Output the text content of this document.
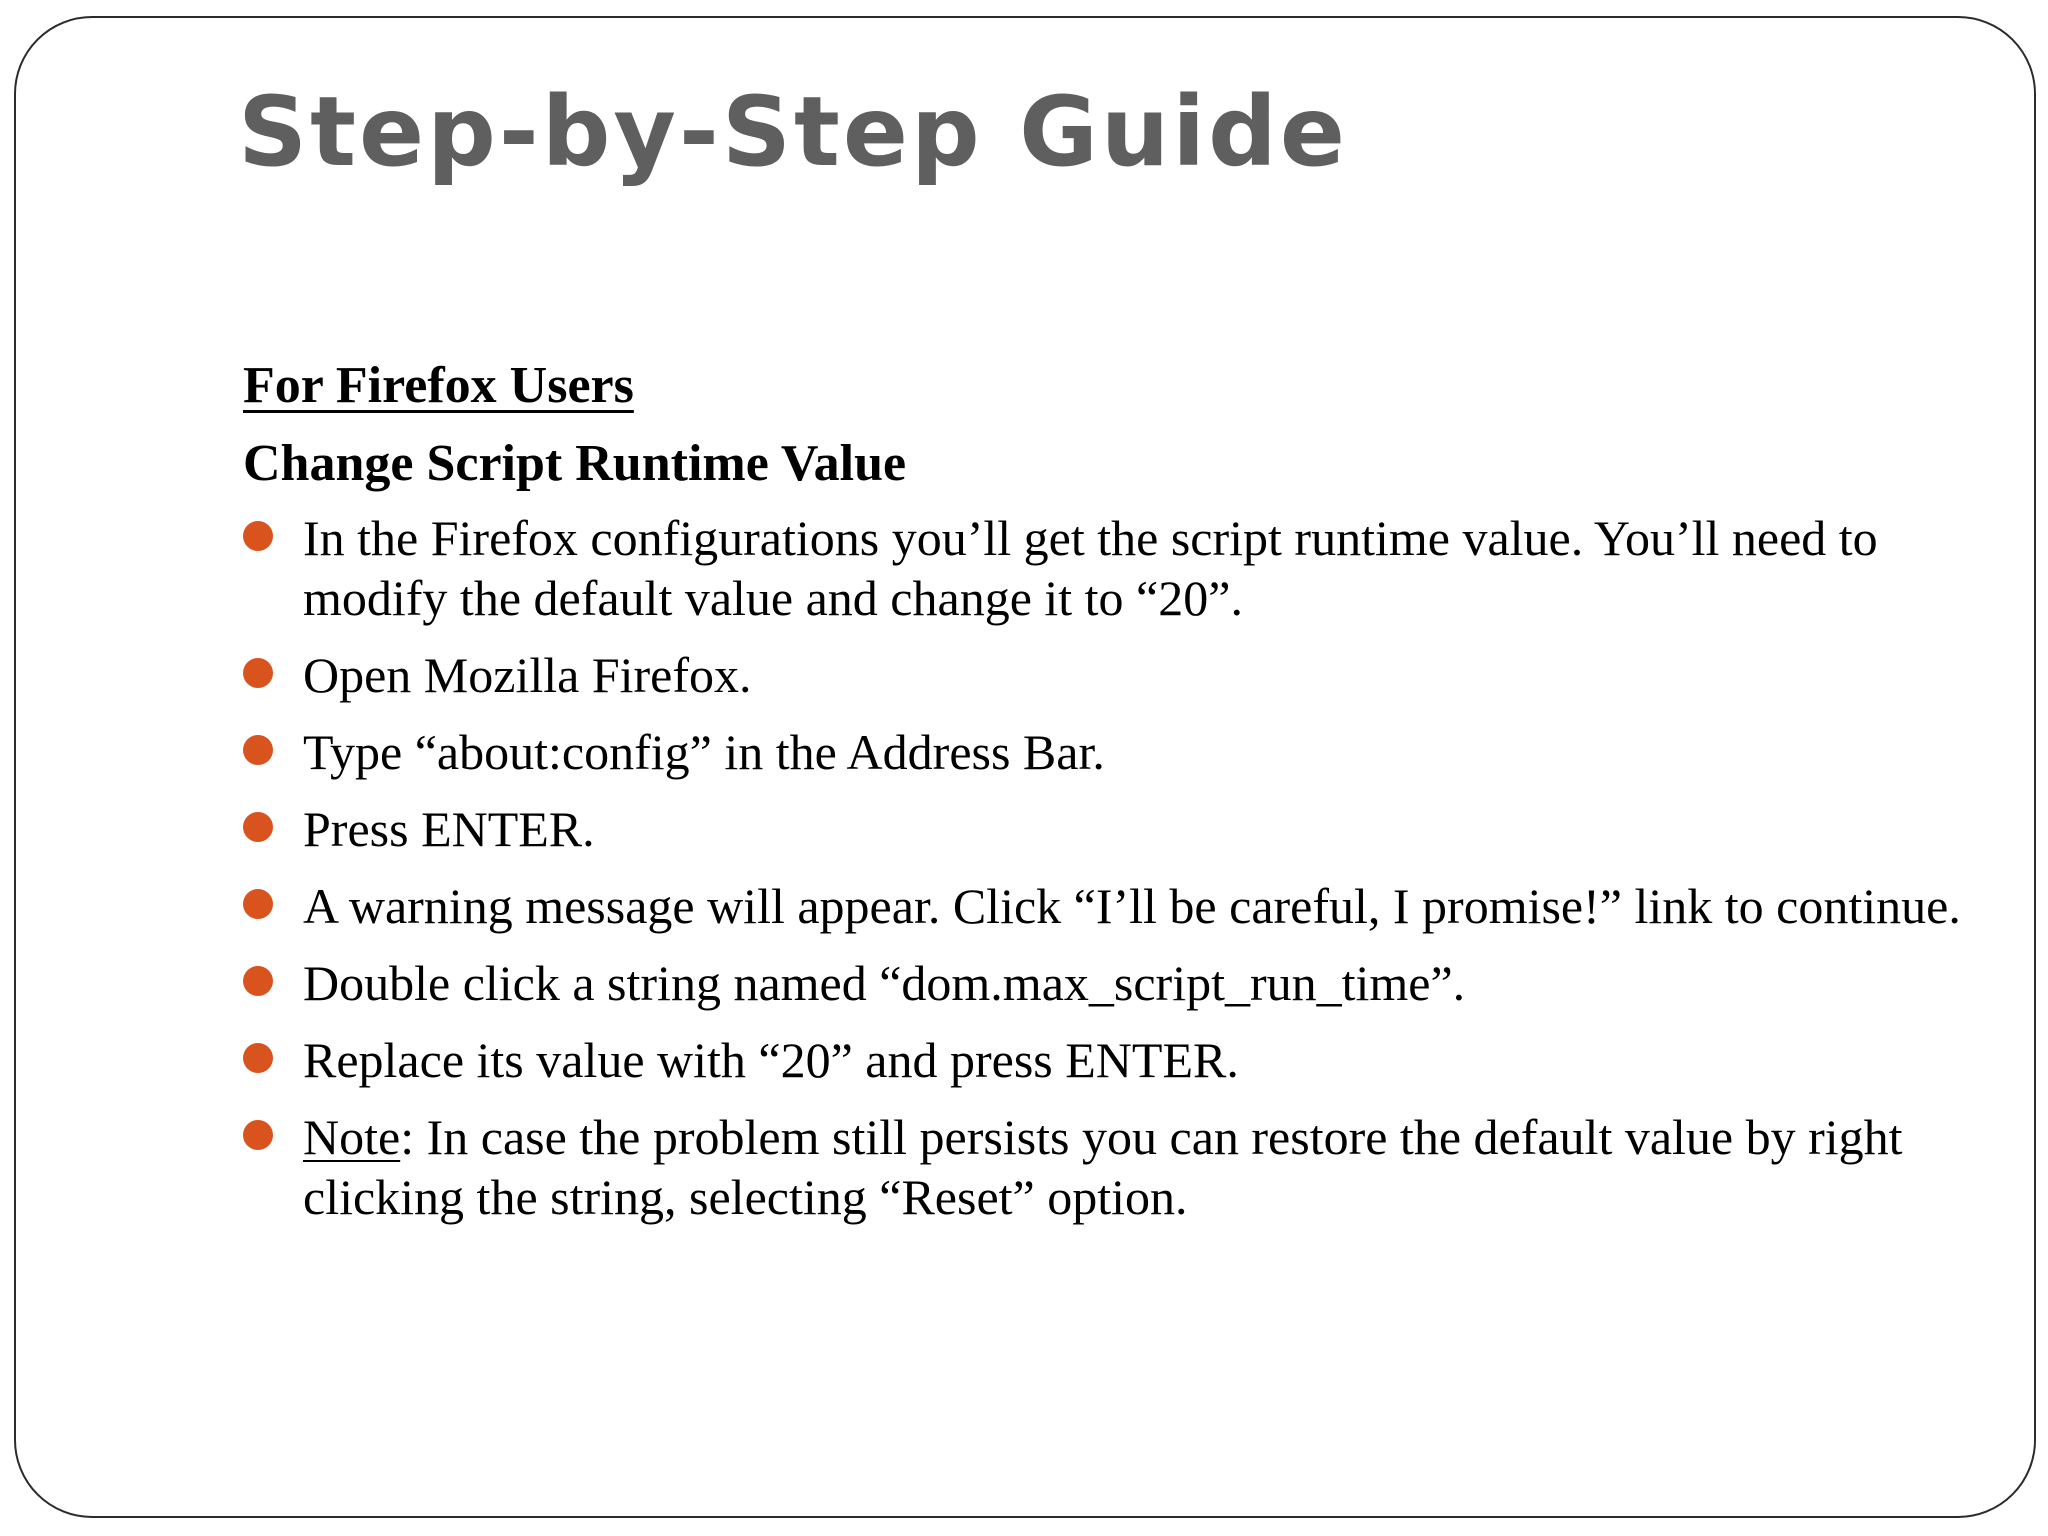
Step-by-Step Guide
For Firefox Users
Change Script Runtime Value
In the Firefox configurations you’ll get the script runtime value. You’ll need to modify the default value and change it to “20”.
Open Mozilla Firefox.
Type “about:config” in the Address Bar.
Press ENTER.
A warning message will appear. Click “I’ll be careful, I promise!” link to continue.
Double click a string named “dom.max_script_run_time”.
Replace its value with “20” and press ENTER.
Note: In case the problem still persists you can restore the default value by right clicking the string, selecting “Reset” option.
